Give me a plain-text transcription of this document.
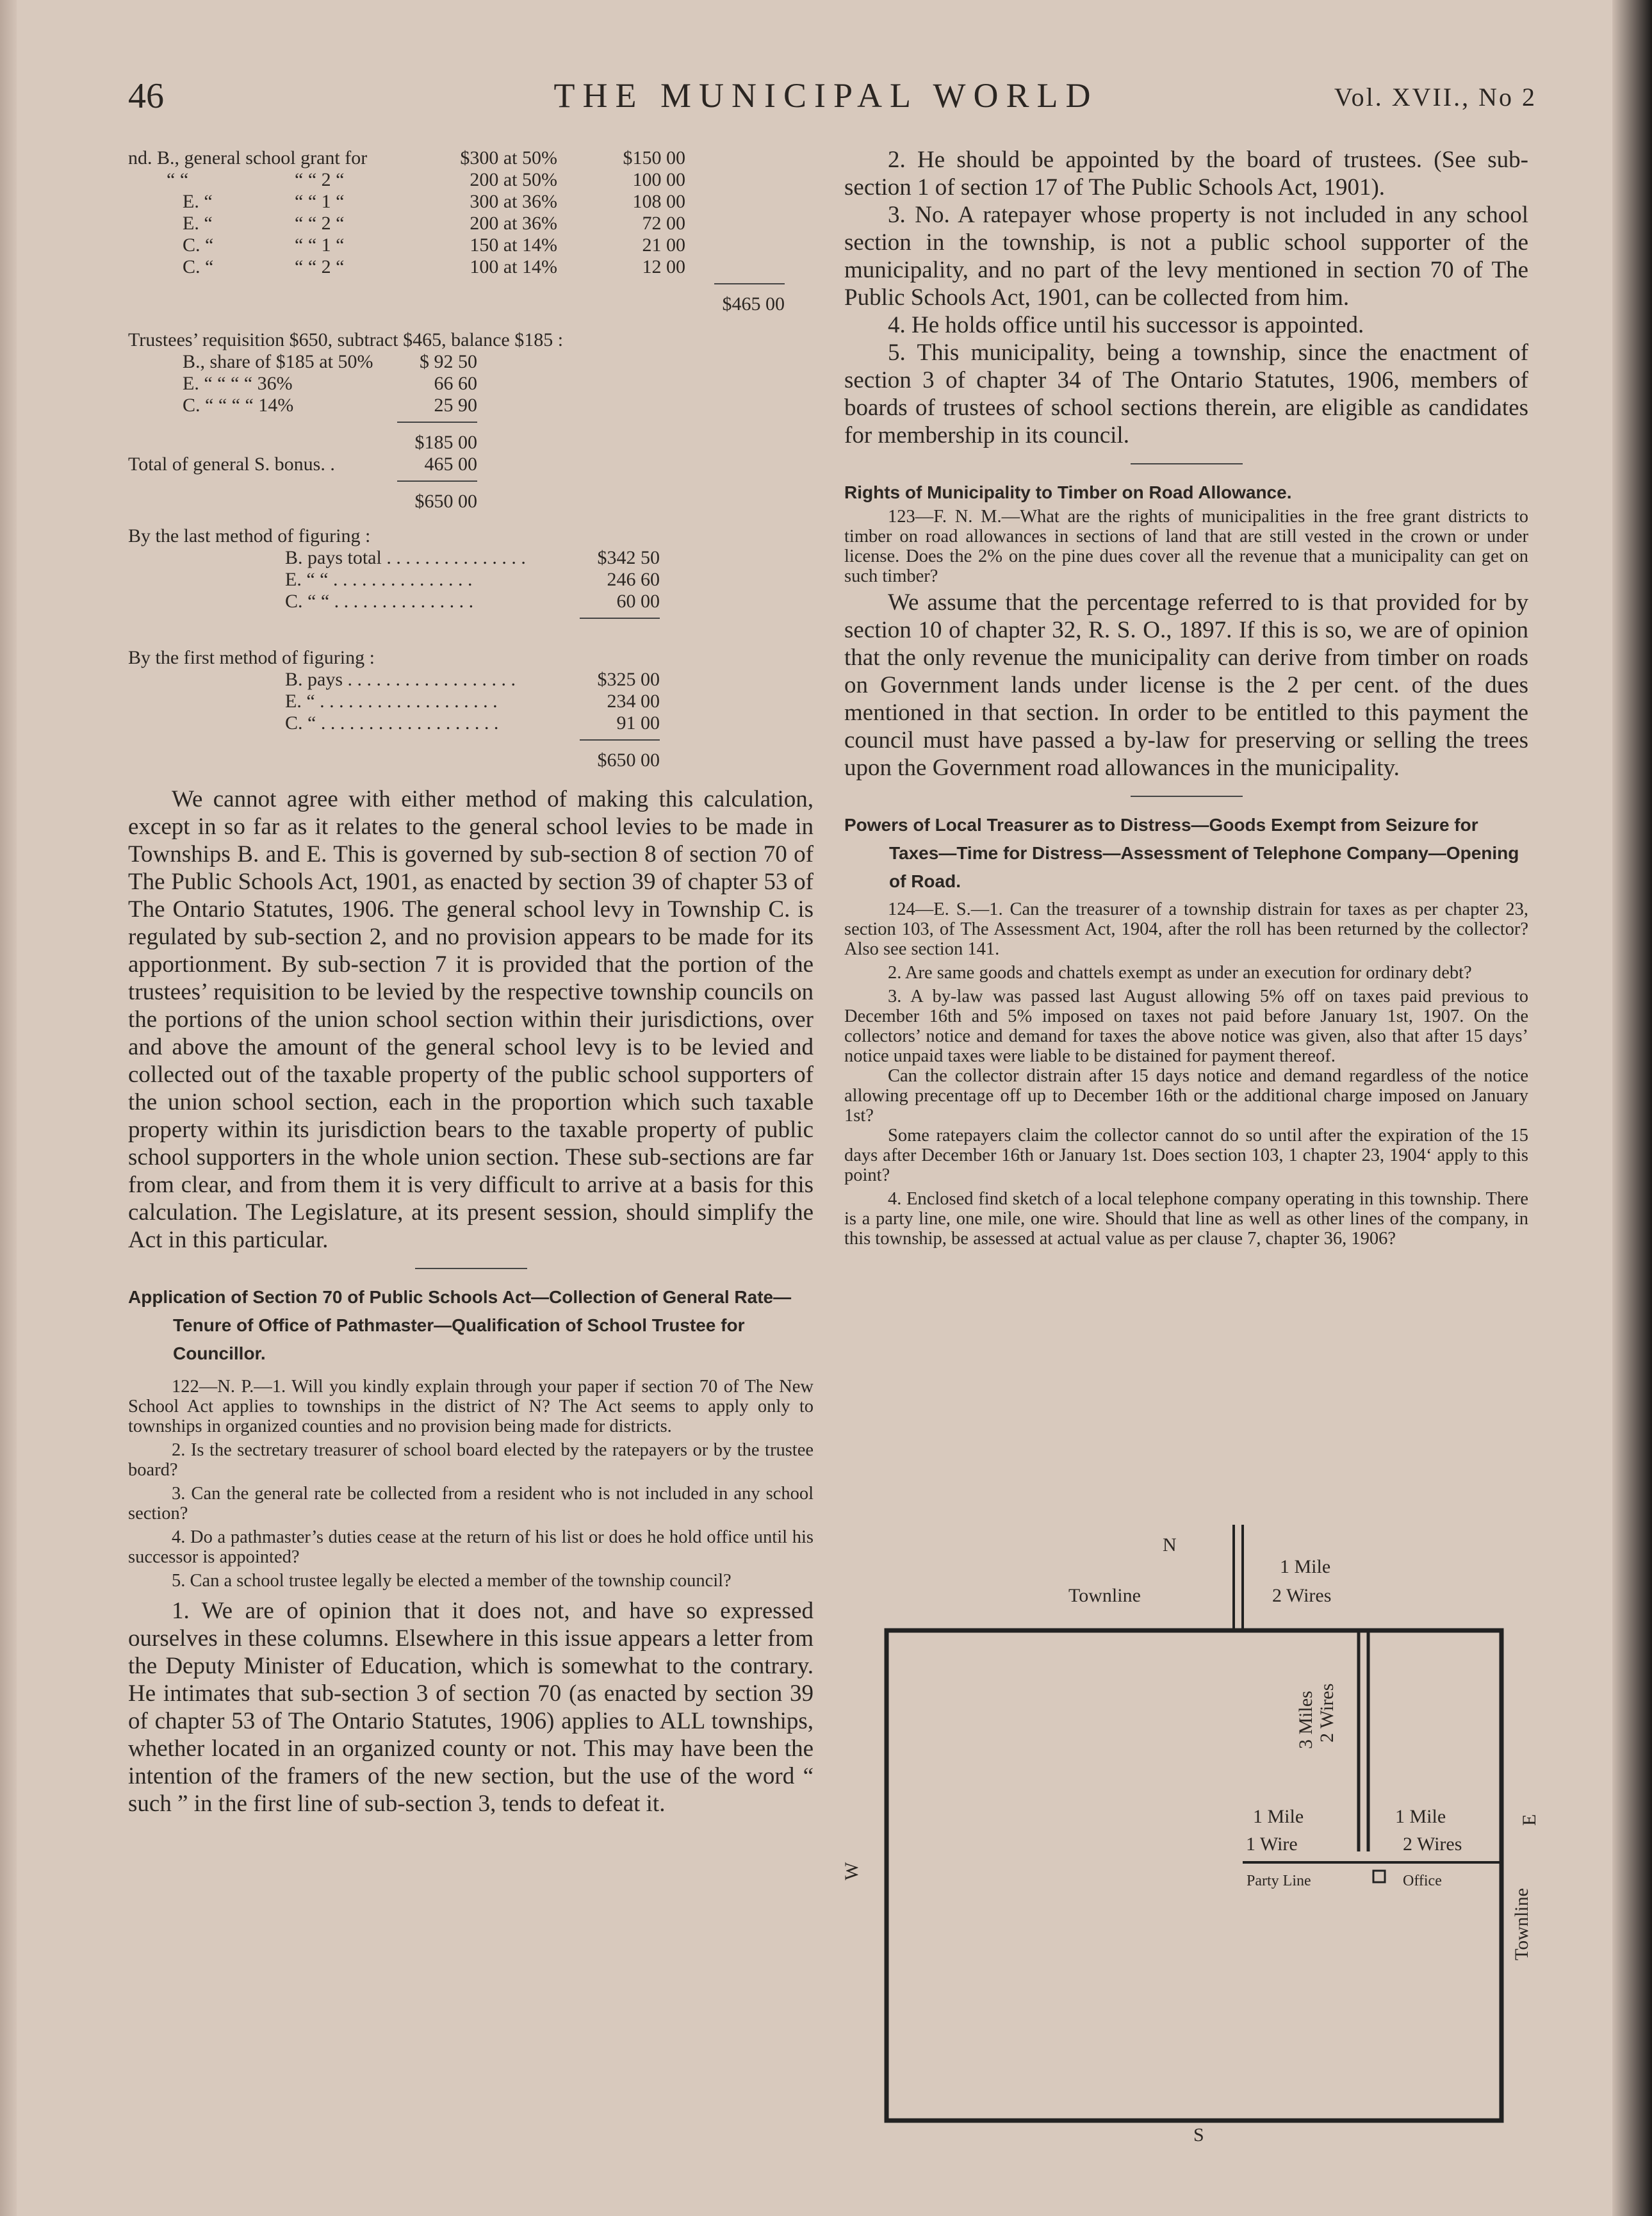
46	THE MUNICIPAL WORLD	Vol. XVII., No 2
nd. B., general school grant for	$300 at 50%	$150 00
“ “	“ “ 2 “	200 at 50%	100 00
E. “	“ “ 1 “	300 at 36%	108 00
E. “	“ “ 2 “	200 at 36%	72 00
C. “	“ “ 1 “	150 at 14%	21 00
C. “	“ “ 2 “	100 at 14%	12 00
$465 00
Trustees’ requisition $650, subtract $465, balance $185 :
B., share of $185 at 50%	$ 92 50
E. “ “ “ “ 36%	66 60
C. “ “ “ “ 14%	25 90
$185 00
Total of general S. bonus. .	465 00
$650 00
By the last method of figuring :
B. pays total . . . . . . . . . . . . . . .	$342 50
E. “ “ . . . . . . . . . . . . . . .	246 60
C. “ “ . . . . . . . . . . . . . . .	60 00
By the first method of figuring :
B. pays . . . . . . . . . . . . . . . . . .	$325 00
E. “ . . . . . . . . . . . . . . . . . . .	234 00
C. “ . . . . . . . . . . . . . . . . . . .	91 00
$650 00

We cannot agree with either method of making this calculation, except in so far as it relates to the general school levies to be made in Townships B. and E. This is governed by sub-section 8 of section 70 of The Public Schools Act, 1901, as enacted by section 39 of chapter 53 of The Ontario Statutes, 1906. The general school levy in Township C. is regulated by sub-section 2, and no provision appears to be made for its apportionment. By sub-section 7 it is provided that the portion of the trustees’ requisition to be levied by the respective township councils on the portions of the union school section within their jurisdictions, over and above the amount of the general school levy is to be levied and collected out of the taxable property of the public school supporters of the union school section, each in the proportion which such taxable property within its jurisdiction bears to the taxable property of public school supporters in the whole union section. These sub-sections are far from clear, and from them it is very difficult to arrive at a basis for this calculation. The Legislature, at its present session, should simplify the Act in this particular.

Application of Section 70 of Public Schools Act—Collection of General Rate—Tenure of Office of Pathmaster—Qualification of School Trustee for Councillor.

122—N. P.—1. Will you kindly explain through your paper if section 70 of The New School Act applies to townships in the district of N? The Act seems to apply only to townships in organized counties and no provision being made for districts.

2. Is the sectretary treasurer of school board elected by the ratepayers or by the trustee board?

3. Can the general rate be collected from a resident who is not included in any school section?

4. Do a pathmaster’s duties cease at the return of his list or does he hold office until his successor is appointed?

5. Can a school trustee legally be elected a member of the township council?

1. We are of opinion that it does not, and have so expressed ourselves in these columns. Elsewhere in this issue appears a letter from the Deputy Minister of Education, which is somewhat to the contrary. He intimates that sub-section 3 of section 70 (as enacted by section 39 of chapter 53 of The Ontario Statutes, 1906) applies to ALL townships, whether located in an organized county or not. This may have been the intention of the framers of the new section, but the use of the word “ such ” in the first line of sub-section 3, tends to defeat it.

2. He should be appointed by the board of trustees. (See sub-section 1 of section 17 of The Public Schools Act, 1901).

3. No. A ratepayer whose property is not included in any school section in the township, is not a public school supporter of the municipality, and no part of the levy mentioned in section 70 of The Public Schools Act, 1901, can be collected from him.

4. He holds office until his successor is appointed.

5. This municipality, being a township, since the enactment of section 3 of chapter 34 of The Ontario Statutes, 1906, members of boards of trustees of school sections therein, are eligible as candidates for membership in its council.

Rights of Municipality to Timber on Road Allowance.

123—F. N. M.—What are the rights of municipalities in the free grant districts to timber on road allowances in sections of land that are still vested in the crown or under license. Does the 2% on the pine dues cover all the revenue that a municipality can get on such timber?

We assume that the percentage referred to is that provided for by section 10 of chapter 32, R. S. O., 1897. If this is so, we are of opinion that the only revenue the municipality can derive from timber on roads on Government lands under license is the 2 per cent. of the dues mentioned in that section. In order to be entitled to this payment the council must have passed a by-law for preserving or selling the trees upon the Government road allowances in the municipality.

Powers of Local Treasurer as to Distress—Goods Exempt from Seizure for Taxes—Time for Distress—Assessment of Telephone Company—Opening of Road.

124—E. S.—1. Can the treasurer of a township distrain for taxes as per chapter 23, section 103, of The Assessment Act, 1904, after the roll has been returned by the collector? Also see section 141.

2. Are same goods and chattels exempt as under an execution for ordinary debt?

3. A by-law was passed last August allowing 5% off on taxes paid previous to December 16th and 5% imposed on taxes not paid before January 1st, 1907. On the collectors’ notice and demand for taxes the above notice was given, also that after 15 days’ notice unpaid taxes were liable to be distained for payment thereof.

Can the collector distrain after 15 days notice and demand regardless of the notice allowing precentage off up to December 16th or the additional charge imposed on January 1st?

Some ratepayers claim the collector cannot do so until after the expiration of the 15 days after December 16th or January 1st. Does section 103, 1 chapter 23, 1904‘ apply to this point?

4. Enclosed find sketch of a local telephone company operating in this township. There is a party line, one mile, one wire. Should that line as well as other lines of the company, in this township, be assessed at actual value as per clause 7, chapter 36, 1906?

N
Townline
1 Mile
2 Wires
3 Miles 2 Wires
1 Mile
1 Wire
1 Mile
2 Wires
Party Line	Office
E
Townline
W
S
